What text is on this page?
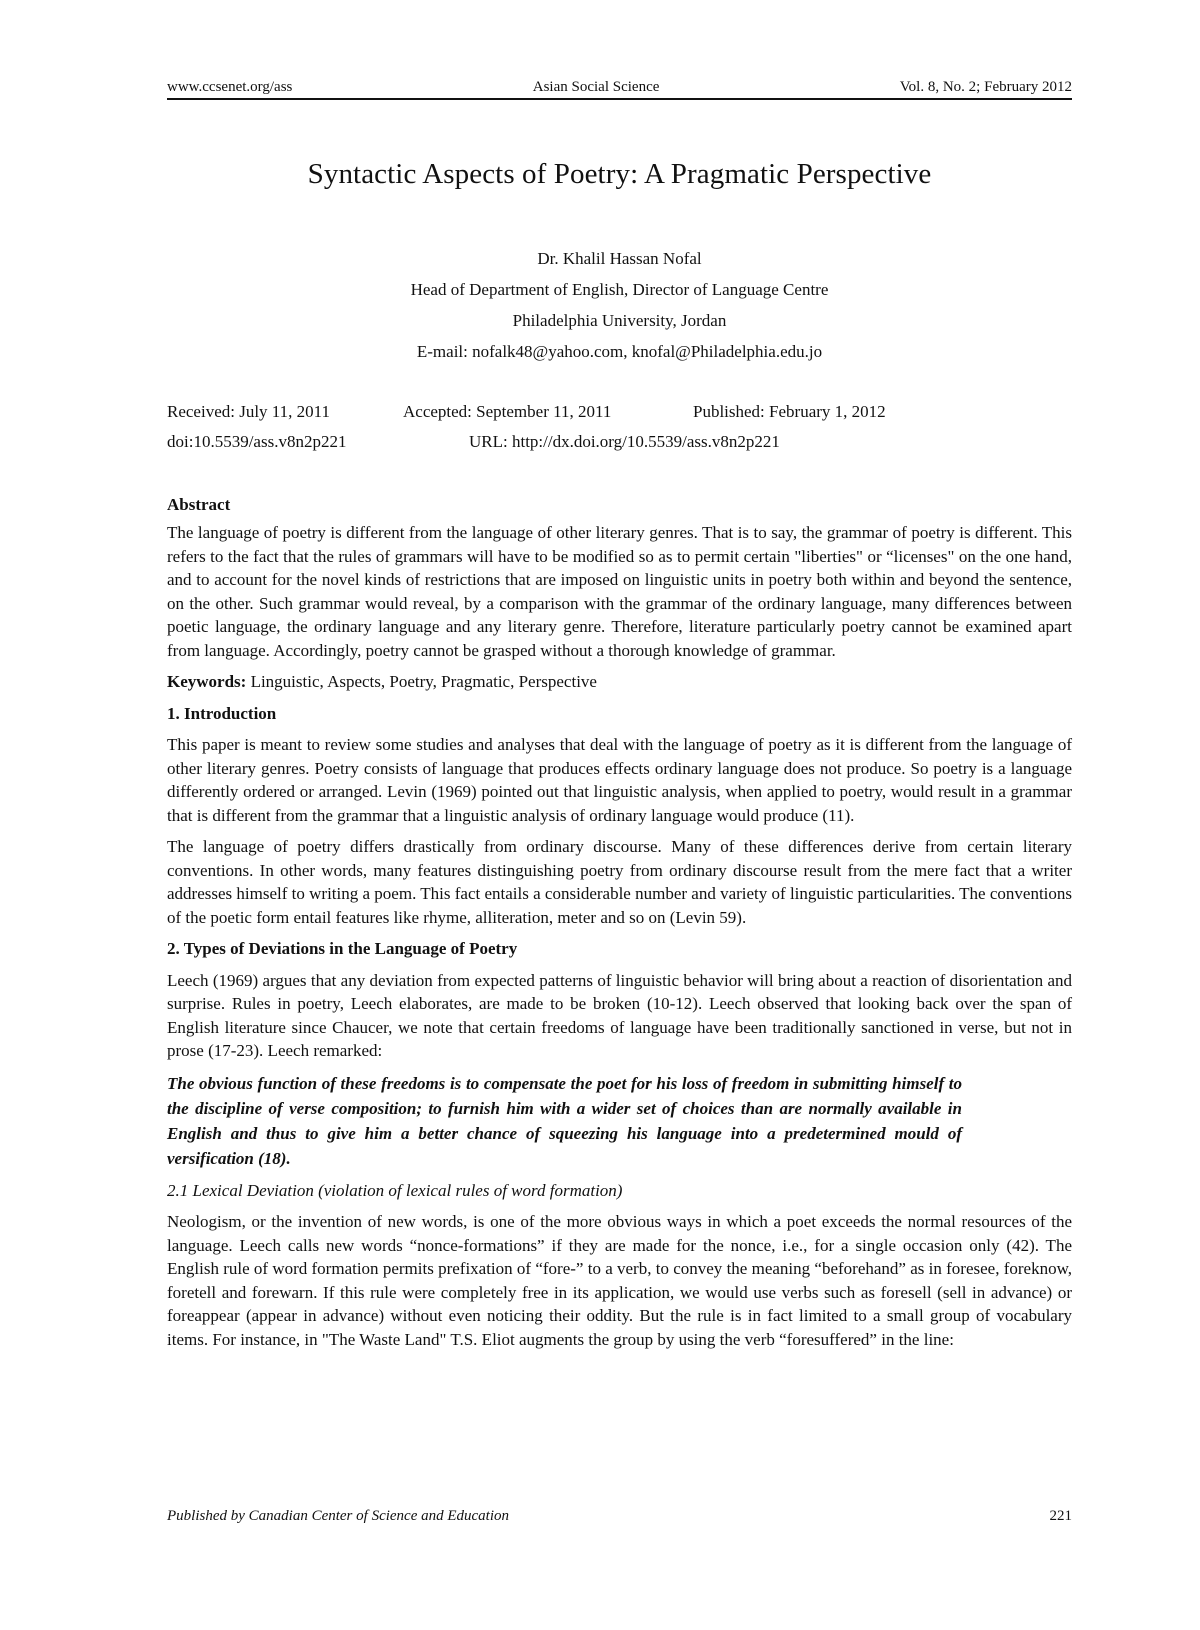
www.ccsenet.org/ass	Asian Social Science	Vol. 8, No. 2; February 2012
Syntactic Aspects of Poetry: A Pragmatic Perspective
Dr. Khalil Hassan Nofal
Head of Department of English, Director of Language Centre
Philadelphia University, Jordan
E-mail: nofalk48@yahoo.com, knofal@Philadelphia.edu.jo
Received: July 11, 2011	Accepted: September 11, 2011	Published: February 1, 2012
doi:10.5539/ass.v8n2p221	URL: http://dx.doi.org/10.5539/ass.v8n2p221
Abstract

The language of poetry is different from the language of other literary genres. That is to say, the grammar of poetry is different. This refers to the fact that the rules of grammars will have to be modified so as to permit certain "liberties" or “licenses" on the one hand, and to account for the novel kinds of restrictions that are imposed on linguistic units in poetry both within and beyond the sentence, on the other. Such grammar would reveal, by a comparison with the grammar of the ordinary language, many differences between poetic language, the ordinary language and any literary genre. Therefore, literature particularly poetry cannot be examined apart from language. Accordingly, poetry cannot be grasped without a thorough knowledge of grammar.

Keywords: Linguistic, Aspects, Poetry, Pragmatic, Perspective
1. Introduction

This paper is meant to review some studies and analyses that deal with the language of poetry as it is different from the language of other literary genres. Poetry consists of language that produces effects ordinary language does not produce. So poetry is a language differently ordered or arranged. Levin (1969) pointed out that linguistic analysis, when applied to poetry, would result in a grammar that is different from the grammar that a linguistic analysis of ordinary language would produce (11).

The language of poetry differs drastically from ordinary discourse. Many of these differences derive from certain literary conventions. In other words, many features distinguishing poetry from ordinary discourse result from the mere fact that a writer addresses himself to writing a poem. This fact entails a considerable number and variety of linguistic particularities. The conventions of the poetic form entail features like rhyme, alliteration, meter and so on (Levin 59).

2. Types of Deviations in the Language of Poetry

Leech (1969) argues that any deviation from expected patterns of linguistic behavior will bring about a reaction of disorientation and surprise. Rules in poetry, Leech elaborates, are made to be broken (10-12). Leech observed that looking back over the span of English literature since Chaucer, we note that certain freedoms of language have been traditionally sanctioned in verse, but not in prose (17-23). Leech remarked:

The obvious function of these freedoms is to compensate the poet for his loss of freedom in submitting himself to the discipline of verse composition; to furnish him with a wider set of choices than are normally available in English and thus to give him a better chance of squeezing his language into a predetermined mould of versification (18).
2.1 Lexical Deviation (violation of lexical rules of word formation)

Neologism, or the invention of new words, is one of the more obvious ways in which a poet exceeds the normal resources of the language. Leech calls new words “nonce-formations” if they are made for the nonce, i.e., for a single occasion only (42). The English rule of word formation permits prefixation of “fore-” to a verb, to convey the meaning “beforehand” as in foresee, foreknow, foretell and forewarn. If this rule were completely free in its application, we would use verbs such as foresell (sell in advance) or foreappear (appear in advance) without even noticing their oddity. But the rule is in fact limited to a small group of vocabulary items. For instance, in "The Waste Land" T.S. Eliot augments the group by using the verb “foresuffered” in the line:

Published by Canadian Center of Science and Education	221
